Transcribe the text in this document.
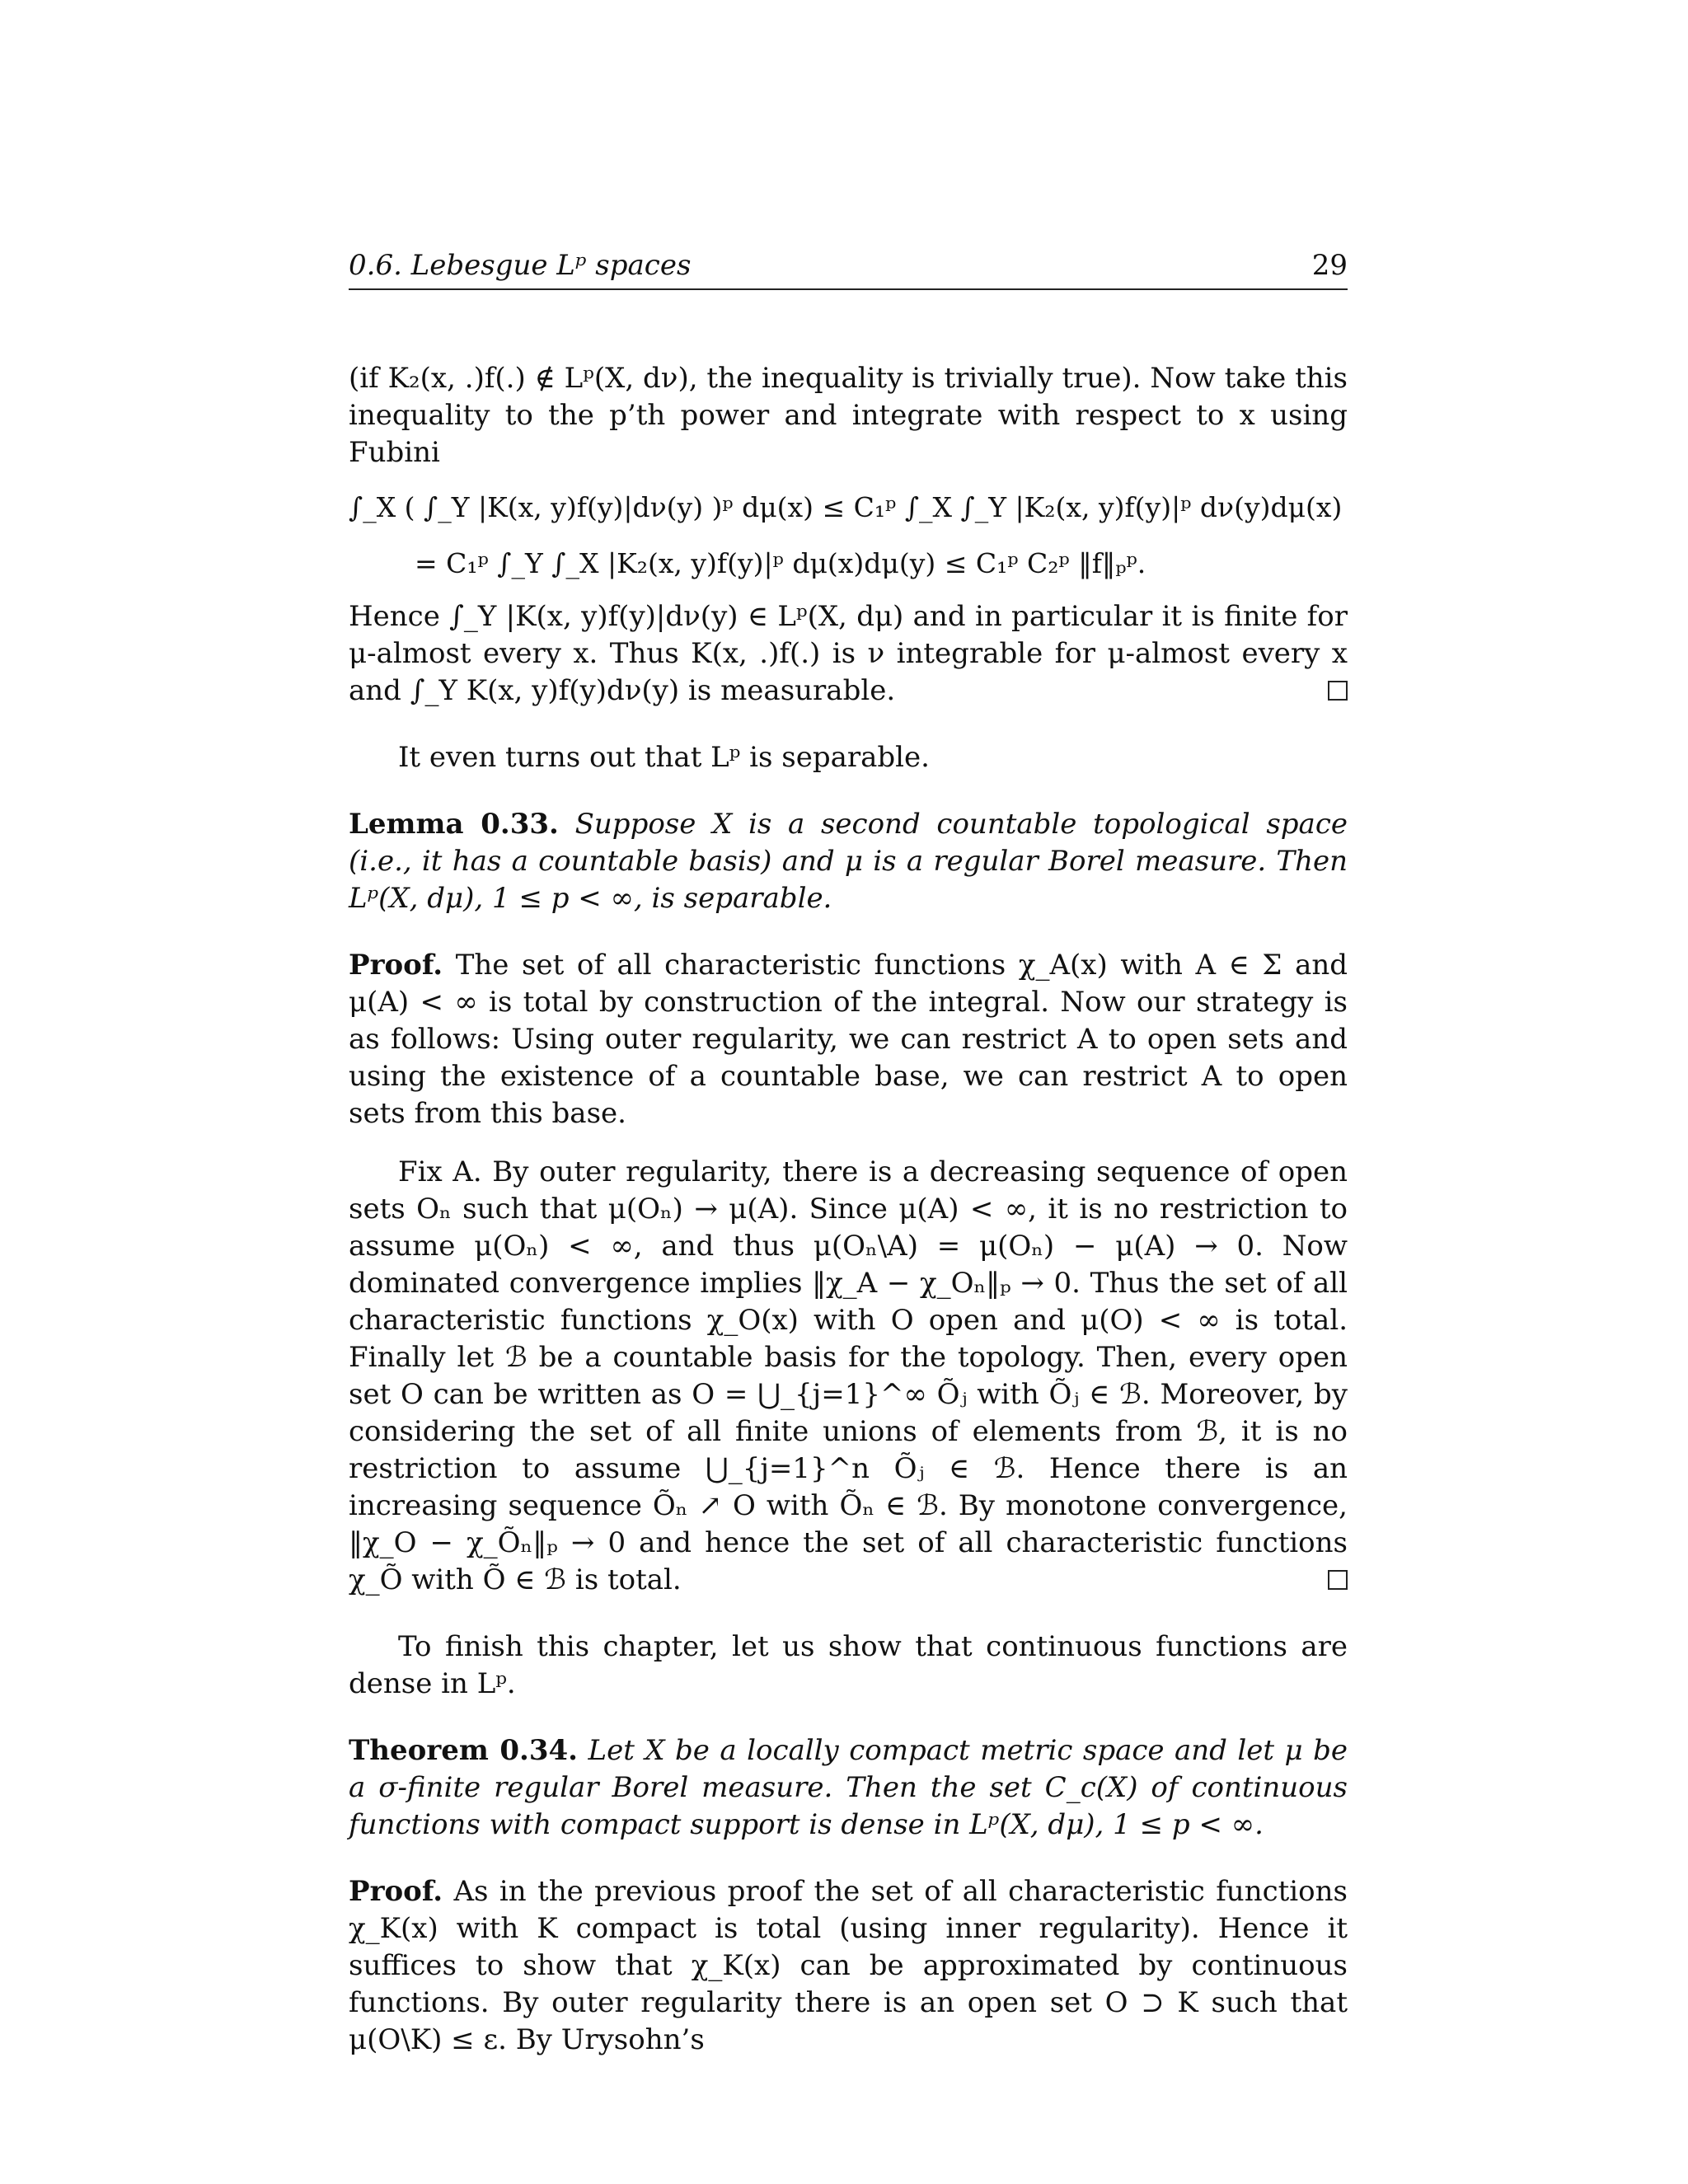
0.6. Lebesgue Lᵖ spaces	29

(if K₂(x, .)f(.) ∉ Lᵖ(X, dν), the inequality is trivially true). Now take this inequality to the p’th power and integrate with respect to x using Fubini

∫_X ( ∫_Y |K(x, y)f(y)|dν(y) )ᵖ dμ(x) ≤ C₁ᵖ ∫_X ∫_Y |K₂(x, y)f(y)|ᵖ dν(y)dμ(x)
= C₁ᵖ ∫_Y ∫_X |K₂(x, y)f(y)|ᵖ dμ(x)dμ(y) ≤ C₁ᵖ C₂ᵖ ‖f‖ₚᵖ.

Hence ∫_Y |K(x, y)f(y)|dν(y) ∈ Lᵖ(X, dμ) and in particular it is finite for μ-almost every x. Thus K(x, .)f(.) is ν integrable for μ-almost every x and ∫_Y K(x, y)f(y)dν(y) is measurable.

It even turns out that Lᵖ is separable.

Lemma 0.33. Suppose X is a second countable topological space (i.e., it has a countable basis) and μ is a regular Borel measure. Then Lᵖ(X, dμ), 1 ≤ p < ∞, is separable.

Proof. The set of all characteristic functions χ_A(x) with A ∈ Σ and μ(A) < ∞ is total by construction of the integral. Now our strategy is as follows: Using outer regularity, we can restrict A to open sets and using the existence of a countable base, we can restrict A to open sets from this base.

Fix A. By outer regularity, there is a decreasing sequence of open sets Oₙ such that μ(Oₙ) → μ(A). Since μ(A) < ∞, it is no restriction to assume μ(Oₙ) < ∞, and thus μ(Oₙ\A) = μ(Oₙ) − μ(A) → 0. Now dominated convergence implies ‖χ_A − χ_Oₙ‖ₚ → 0. Thus the set of all characteristic functions χ_O(x) with O open and μ(O) < ∞ is total. Finally let ℬ be a countable basis for the topology. Then, every open set O can be written as O = ⋃_{j=1}^∞ Õⱼ with Õⱼ ∈ ℬ. Moreover, by considering the set of all finite unions of elements from ℬ, it is no restriction to assume ⋃_{j=1}^n Õⱼ ∈ ℬ. Hence there is an increasing sequence Õₙ ↗ O with Õₙ ∈ ℬ. By monotone convergence, ‖χ_O − χ_Õₙ‖ₚ → 0 and hence the set of all characteristic functions χ_Õ with Õ ∈ ℬ is total.

To finish this chapter, let us show that continuous functions are dense in Lᵖ.

Theorem 0.34. Let X be a locally compact metric space and let μ be a σ-finite regular Borel measure. Then the set C_c(X) of continuous functions with compact support is dense in Lᵖ(X, dμ), 1 ≤ p < ∞.

Proof. As in the previous proof the set of all characteristic functions χ_K(x) with K compact is total (using inner regularity). Hence it suffices to show that χ_K(x) can be approximated by continuous functions. By outer regularity there is an open set O ⊃ K such that μ(O\K) ≤ ε. By Urysohn’s
